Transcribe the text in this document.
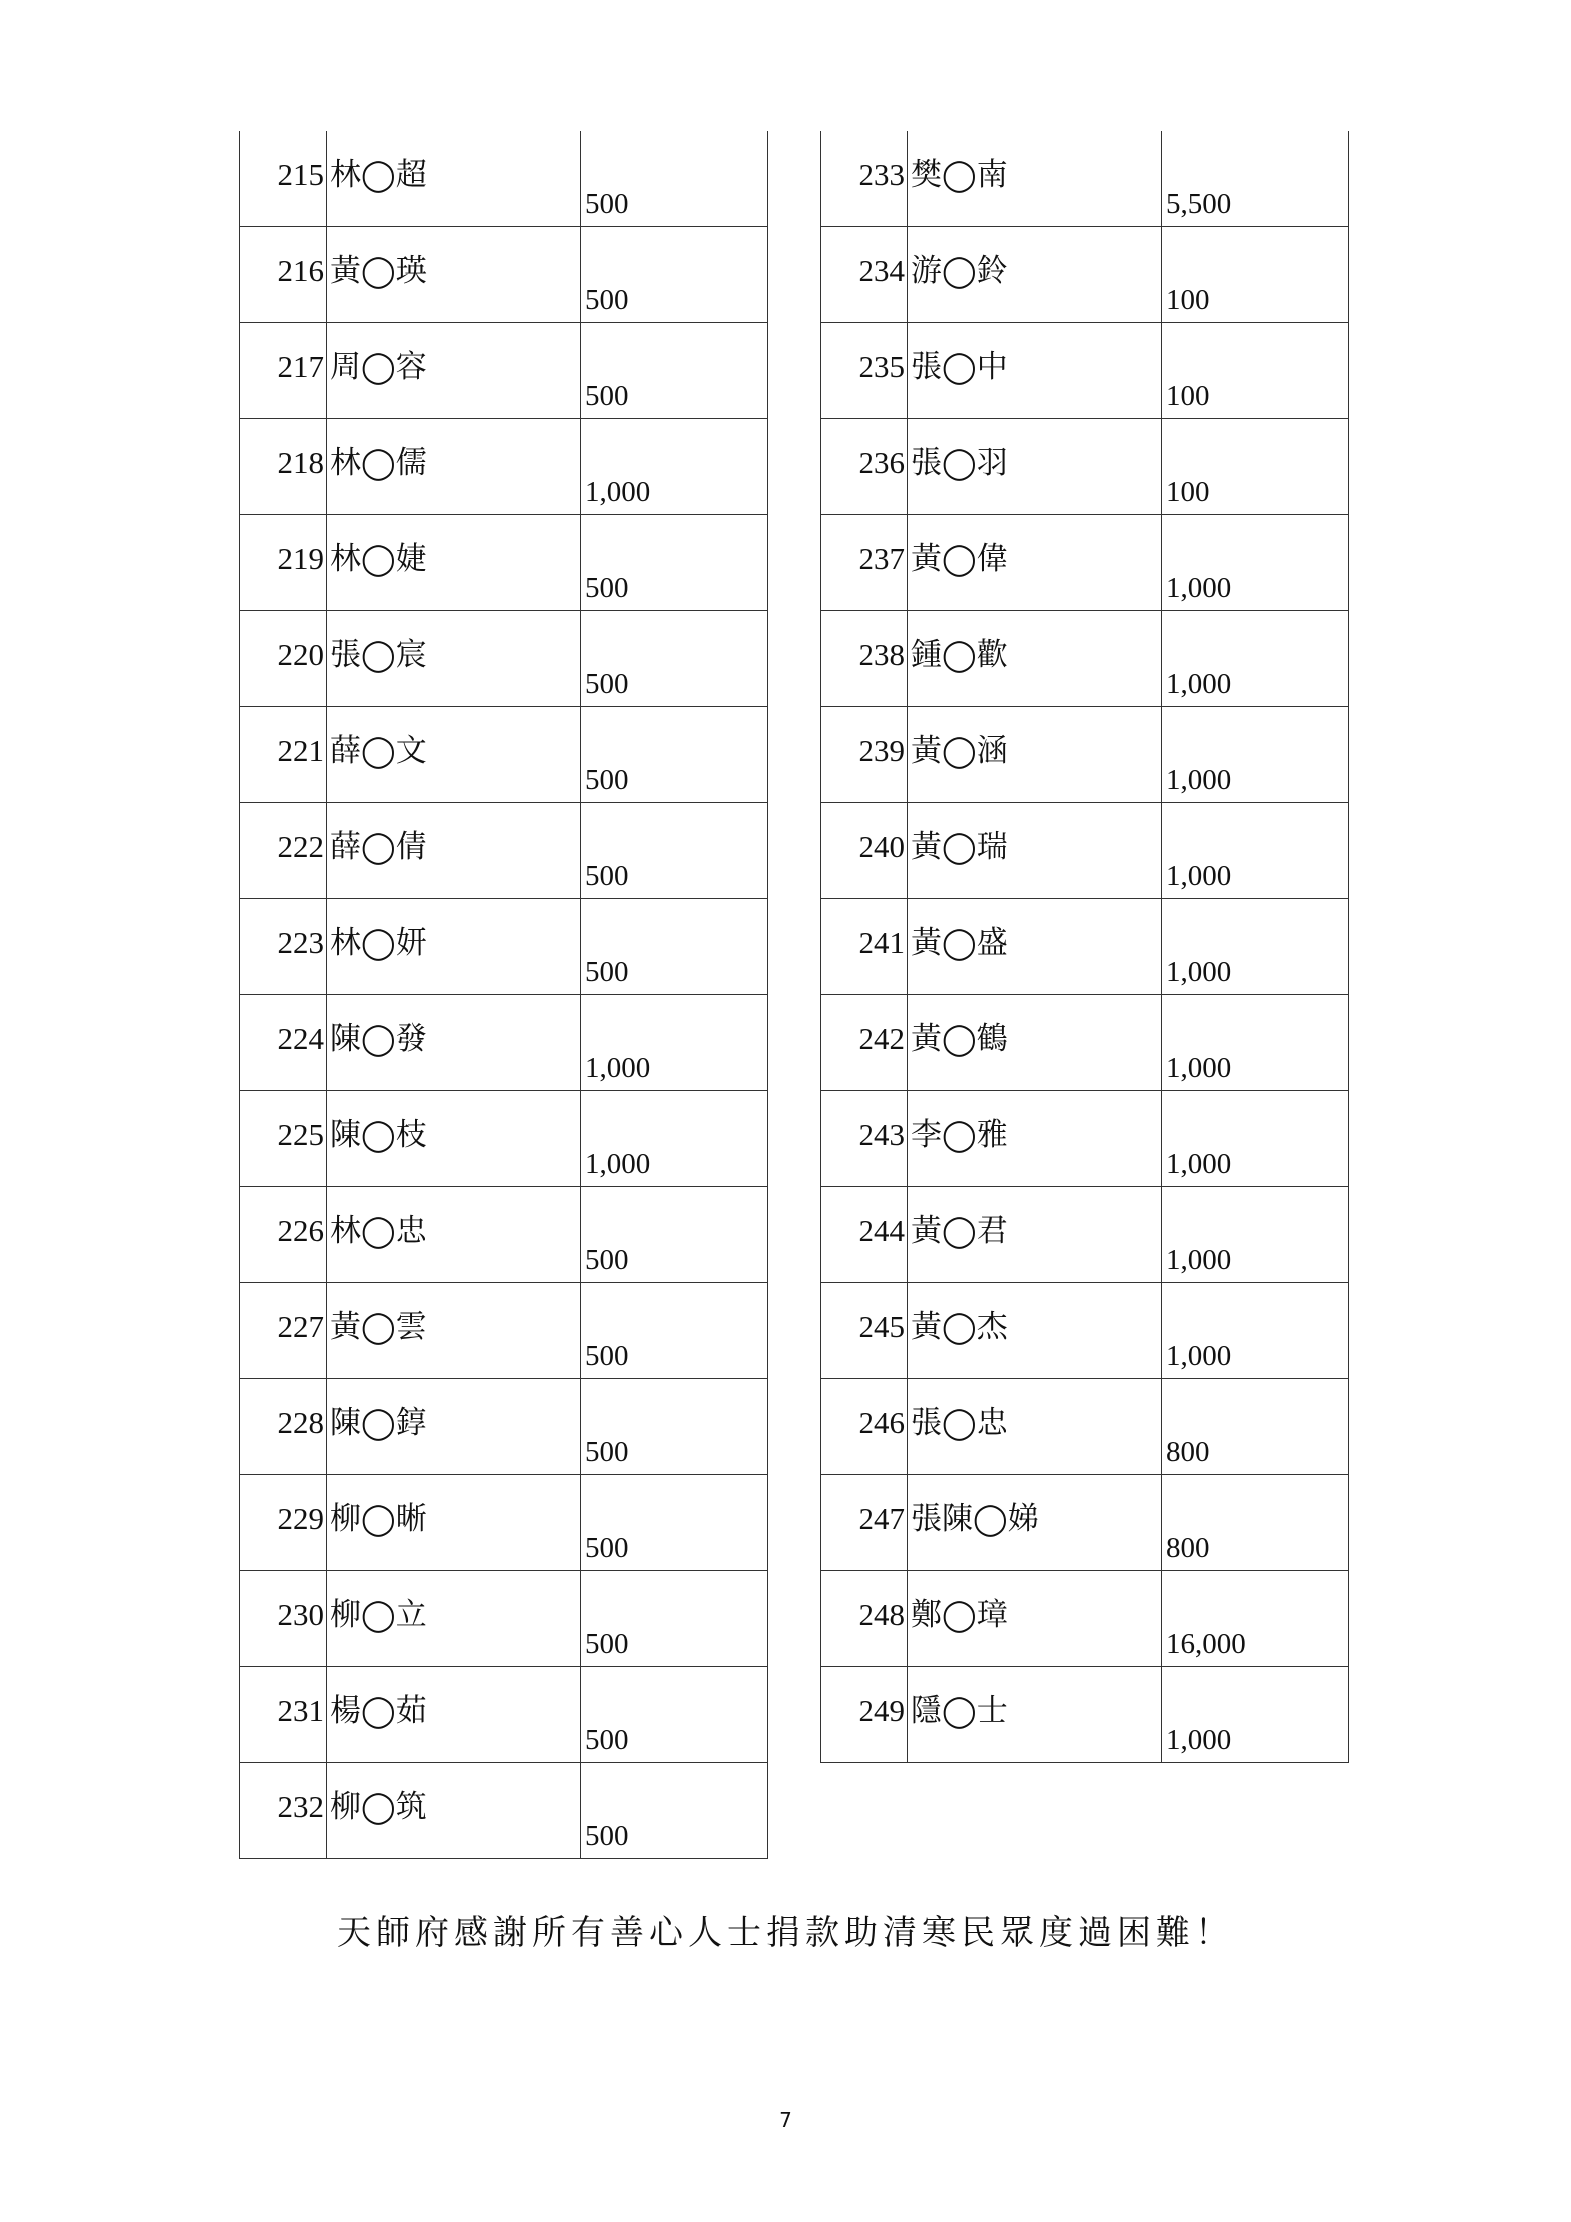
215	林◯超	500

216	黃◯瑛	500

217	周◯容	500

218	林◯儒	1,000

219	林◯婕	500

220	張◯宸	500

221	薛◯文	500

222	薛◯倩	500

223	林◯妍	500

224	陳◯發	1,000

225	陳◯枝	1,000

226	林◯忠	500

227	黃◯雲	500

228	陳◯錞	500

229	柳◯晰	500

230	柳◯立	500

231	楊◯茹	500

232	柳◯筑	500
233	樊◯南	5,500

234	游◯鈴	100

235	張◯中	100

236	張◯羽	100

237	黃◯偉	1,000

238	鍾◯歡	1,000

239	黃◯涵	1,000

240	黃◯瑞	1,000

241	黃◯盛	1,000

242	黃◯鶴	1,000

243	李◯雅	1,000

244	黃◯君	1,000

245	黃◯杰	1,000

246	張◯忠	800

247	張陳◯娣	800

248	鄭◯璋	16,000

249	隱◯士	1,000
天師府感謝所有善心人士捐款助清寒民眾度過困難！
7
